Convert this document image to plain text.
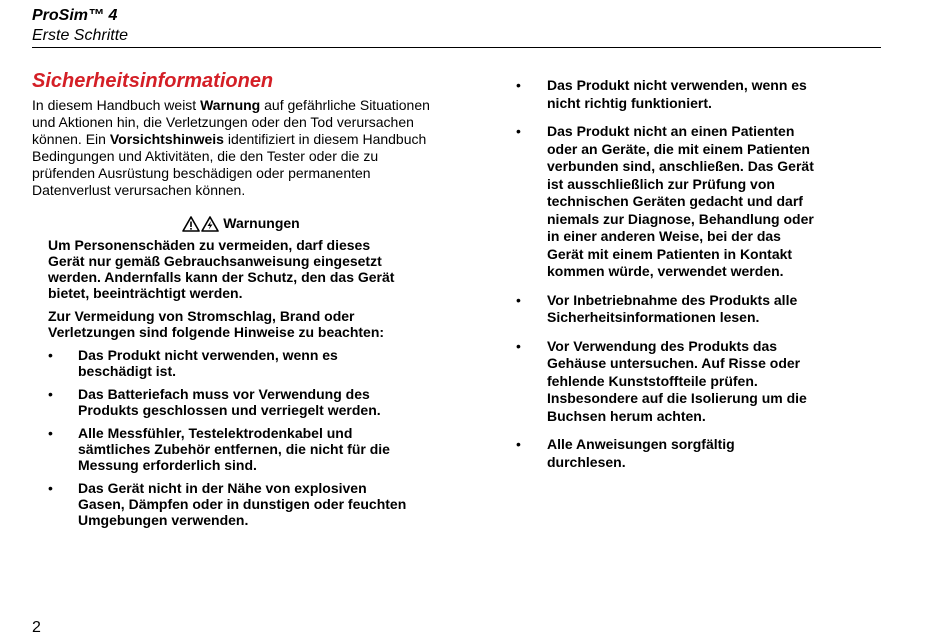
ProSim™ 4
Erste Schritte
Sicherheitsinformationen

In diesem Handbuch weist Warnung auf gefährliche Situationen und Aktionen hin, die Verletzungen oder den Tod verursachen können. Ein Vorsichtshinweis identifiziert in diesem Handbuch Bedingungen und Aktivitäten, die den Tester oder die zu prüfenden Ausrüstung beschädigen oder permanenten Datenverlust verursachen können.

Warnungen

Um Personenschäden zu vermeiden, darf dieses Gerät nur gemäß Gebrauchsanweisung eingesetzt werden. Andernfalls kann der Schutz, den das Gerät bietet, beeinträchtigt werden.

Zur Vermeidung von Stromschlag, Brand oder Verletzungen sind folgende Hinweise zu beachten:

• Das Produkt nicht verwenden, wenn es beschädigt ist.
• Das Batteriefach muss vor Verwendung des Produkts geschlossen und verriegelt werden.
• Alle Messfühler, Testelektrodenkabel und sämtliches Zubehör entfernen, die nicht für die Messung erforderlich sind.
• Das Gerät nicht in der Nähe von explosiven Gasen, Dämpfen oder in dunstigen oder feuchten Umgebungen verwenden.
• Das Produkt nicht verwenden, wenn es nicht richtig funktioniert.
• Das Produkt nicht an einen Patienten oder an Geräte, die mit einem Patienten verbunden sind, anschließen. Das Gerät ist ausschließlich zur Prüfung von technischen Geräten gedacht und darf niemals zur Diagnose, Behandlung oder in einer anderen Weise, bei der das Gerät mit einem Patienten in Kontakt kommen würde, verwendet werden.
• Vor Inbetriebnahme des Produkts alle Sicherheitsinformationen lesen.
• Vor Verwendung des Produkts das Gehäuse untersuchen. Auf Risse oder fehlende Kunststoffteile prüfen. Insbesondere auf die Isolierung um die Buchsen herum achten.
• Alle Anweisungen sorgfältig durchlesen.
2
